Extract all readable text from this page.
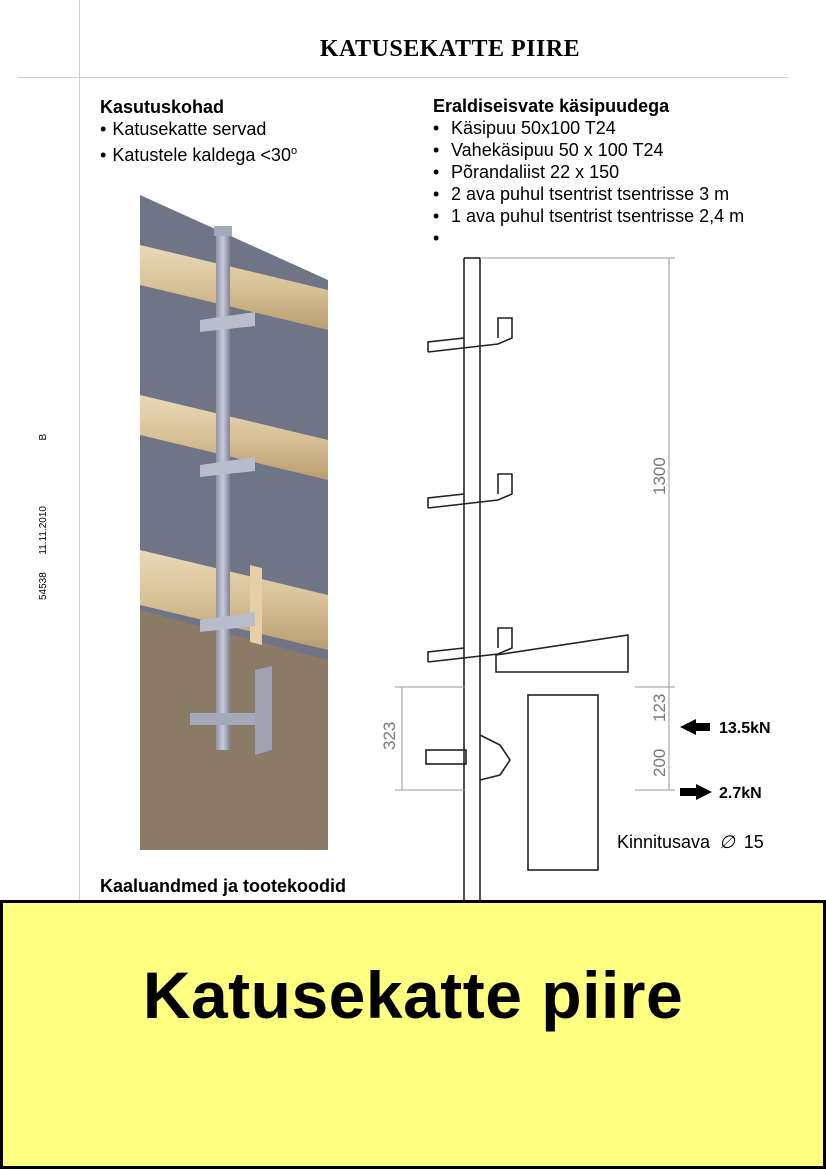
KATUSEKATTE PIIRE
54538  11.11.2010  B
Kasutuskohad
• Katusekatte servad
• Katustele kaldega $<30^o$
Eraldiseisvate käsipuudega
• Käsipuu 50x100 T24
• Vahekäsipuu 50 x 100 T24
• Põrandaliist 22 x 150
• 2 ava puhul tsentrist tsentrisse 3 m
• 1 ava puhul tsentrist tsentrisse 2,4 m
•
1300
123
200
323	13.5kN
2.7kN
Kinnitusava ∅ 15
Kaaluandmed ja tootekoodid
Katusekatte piire
